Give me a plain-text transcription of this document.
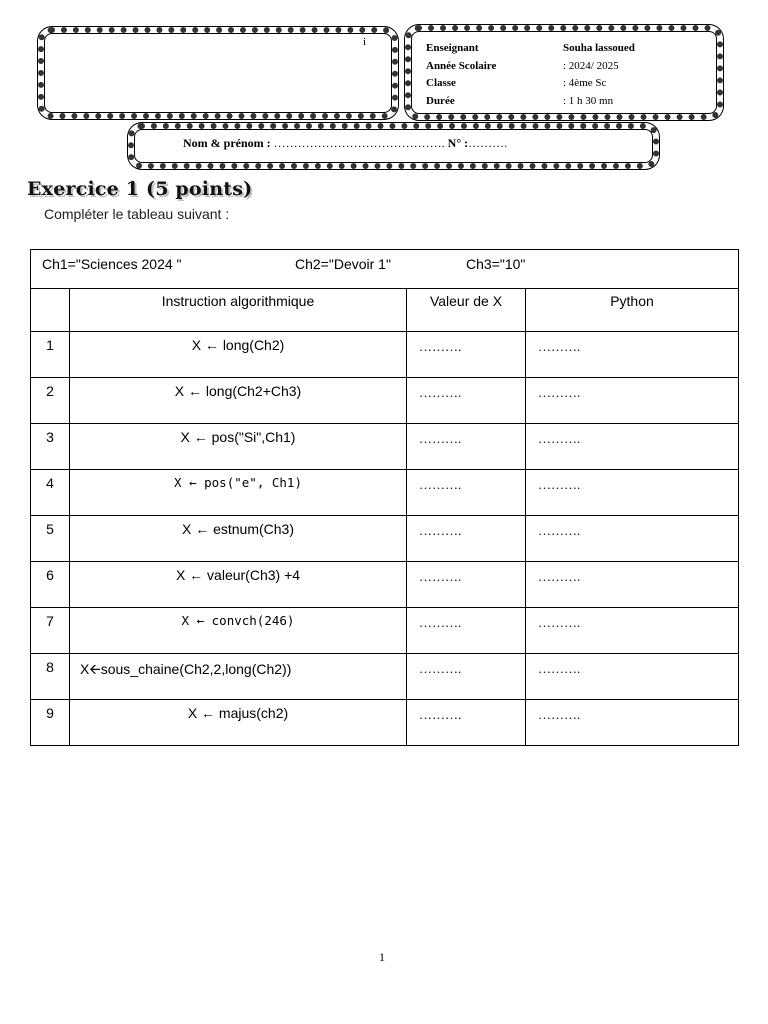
i	Enseignant	Souha lassoued
Année Scolaire	: 2024/ 2025
Classe	: 4ème Sc
Durée	: 1 h 30 mn
Nom & prénom : ……………………………………. N° :……….
Exercice 1 (5 points)
Compléter le tableau suivant :
Ch1="Sciences 2024 " Ch2="Devoir 1" Ch3="10"			

	Instruction algorithmique	Valeur de X	Python
1	X ← long(Ch2)	……….	……….
2	X ← long(Ch2+Ch3)	……….	……….
3	X ← pos("Si",Ch1)	……….	……….
4	X ← pos("e", Ch1)	……….	……….
5	X ← estnum(Ch3)	……….	……….
6	X ← valeur(Ch3) +4	……….	……….
7	X ← convch(246)	……….	……….
8	X🡨sous_chaine(Ch2,2,long(Ch2))	……….	……….
9	X ← majus(ch2)	……….	……….
1
